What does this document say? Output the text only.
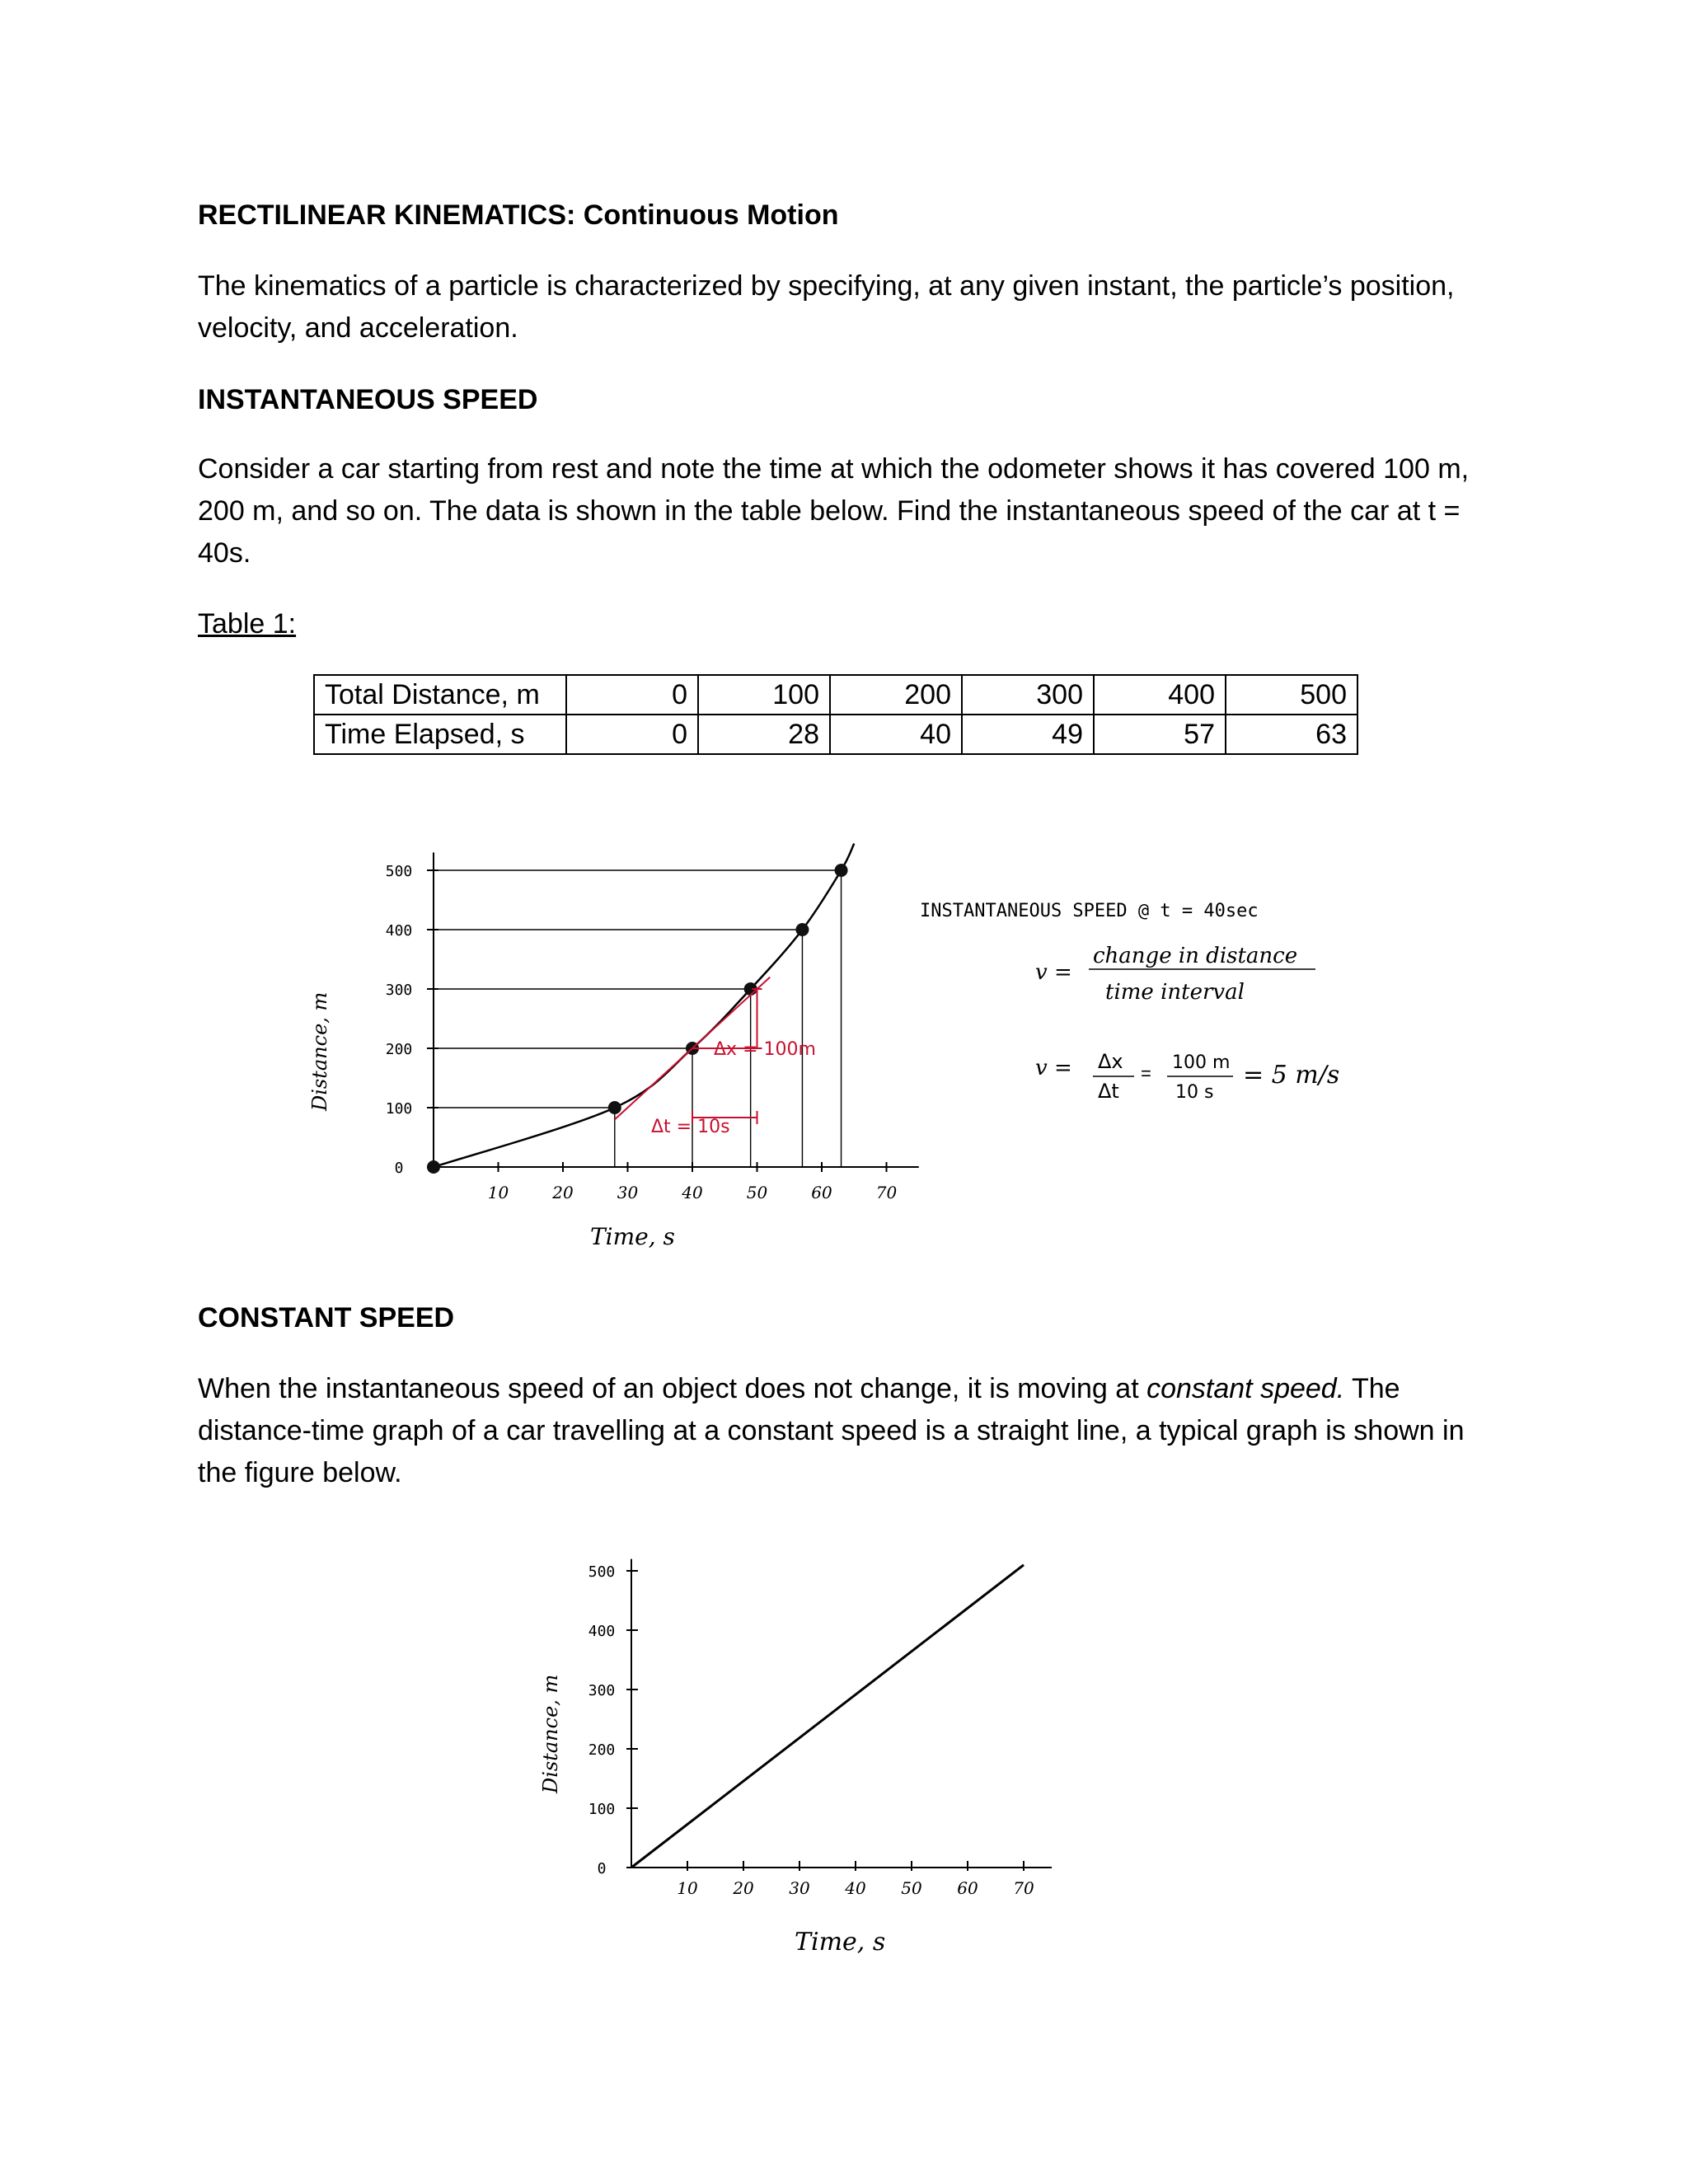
RECTILINEAR KINEMATICS: Continuous Motion
The kinematics of a particle is characterized by specifying, at any given instant, the particle’s position, velocity, and acceleration.
INSTANTANEOUS SPEED
Consider a car starting from rest and note the time at which the odometer shows it has covered 100 m, 200 m, and so on. The data is shown in the table below. Find the instantaneous speed of the car at t = 40s.
Table 1:
Total Distance, m	0	100	200	300	400	500
Time Elapsed, s	0	28	40	49	57	63
500
400
300
200
100
0
10	20	30	40	50	60	70
Distance, m
Time, s
Δx = 100m
Δt = 10s
INSTANTANEOUS SPEED @ t = 40sec
v =
change in distance
time interval
v = Δx
Δt
=
100 m
10 s
= 5 m/s
CONSTANT SPEED
When the instantaneous speed of an object does not change, it is moving at constant speed. The distance-time graph of a car travelling at a constant speed is a straight line, a typical graph is shown in the figure below.
500
400
300
200
100
0
10 20 30 40 50 60 70
Distance, m
Time, s
